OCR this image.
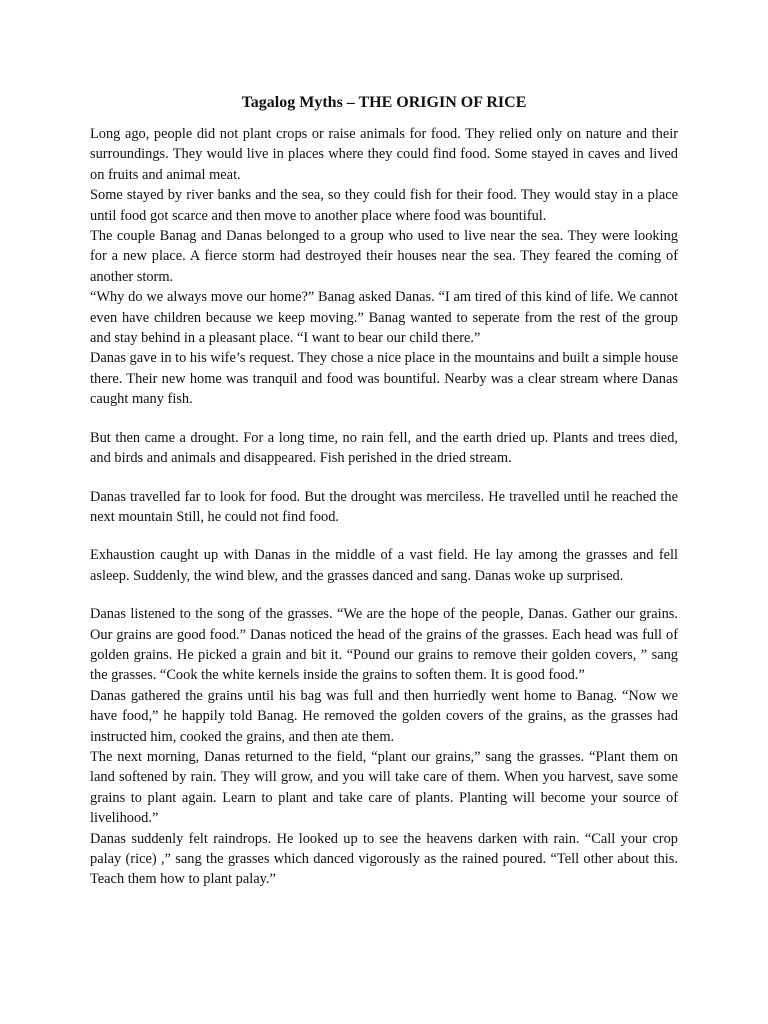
Tagalog Myths – THE ORIGIN OF RICE

Long ago, people did not plant crops or raise animals for food. They relied only on nature and their surroundings. They would live in places where they could find food. Some stayed in caves and lived on fruits and animal meat.

Some stayed by river banks and the sea, so they could fish for their food. They would stay in a place until food got scarce and then move to another place where food was bountiful.

The couple Banag and Danas belonged to a group who used to live near the sea. They were looking for a new place. A fierce storm had destroyed their houses near the sea. They feared the coming of another storm.

“Why do we always move our home?” Banag asked Danas. “I am tired of this kind of life. We cannot even have children because we keep moving.” Banag wanted to seperate from the rest of the group and stay behind in a pleasant place. “I want to bear our child there.”

Danas gave in to his wife’s request. They chose a nice place in the mountains and built a simple house there. Their new home was tranquil and food was bountiful. Nearby was a clear stream where Danas caught many fish.

But then came a drought. For a long time, no rain fell, and the earth dried up. Plants and trees died, and birds and animals and disappeared. Fish perished in the dried stream.

Danas travelled far to look for food. But the drought was merciless. He travelled until he reached the next mountain Still, he could not find food.

Exhaustion caught up with Danas in the middle of a vast field. He lay among the grasses and fell asleep. Suddenly, the wind blew, and the grasses danced and sang. Danas woke up surprised.

Danas listened to the song of the grasses. “We are the hope of the people, Danas. Gather our grains. Our grains are good food.” Danas noticed the head of the grains of the grasses. Each head was full of golden grains. He picked a grain and bit it. “Pound our grains to remove their golden covers, ” sang the grasses. “Cook the white kernels inside the grains to soften them. It is good food.”

Danas gathered the grains until his bag was full and then hurriedly went home to Banag. “Now we have food,” he happily told Banag. He removed the golden covers of the grains, as the grasses had instructed him, cooked the grains, and then ate them.

The next morning, Danas returned to the field, “plant our grains,” sang the grasses. “Plant them on land softened by rain. They will grow, and you will take care of them. When you harvest, save some grains to plant again. Learn to plant and take care of plants. Planting will become your source of livelihood.”

Danas suddenly felt raindrops. He looked up to see the heavens darken with rain. “Call your crop palay (rice) ,” sang the grasses which danced vigorously as the rained poured. “Tell other about this. Teach them how to plant palay.”
